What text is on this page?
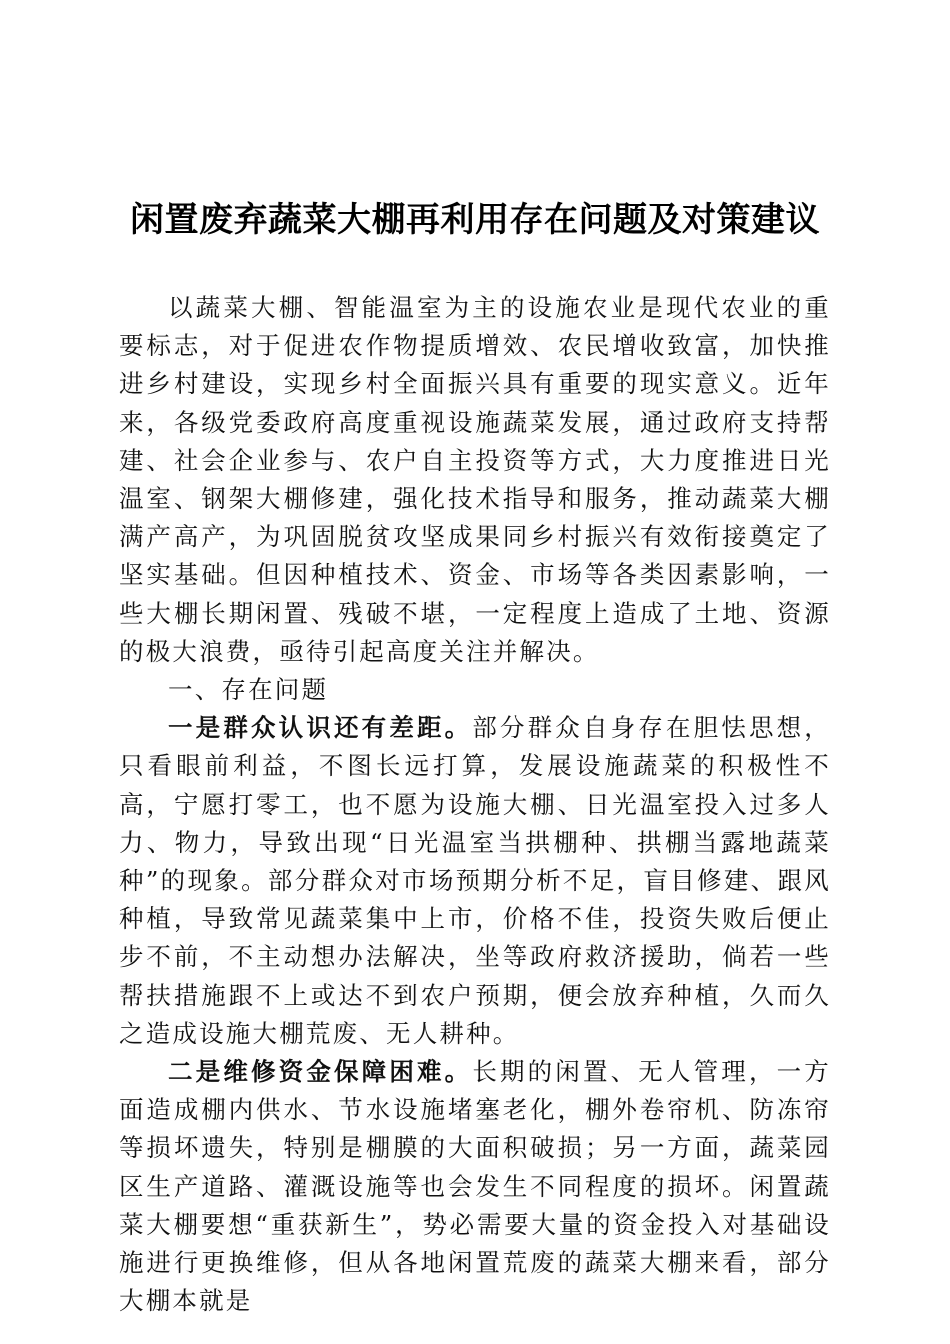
闲置废弃蔬菜大棚再利用存在问题及对策建议

以蔬菜大棚、智能温室为主的设施农业是现代农业的重要标志，对于促进农作物提质增效、农民增收致富，加快推进乡村建设，实现乡村全面振兴具有重要的现实意义。近年来，各级党委政府高度重视设施蔬菜发展，通过政府支持帮建、社会企业参与、农户自主投资等方式，大力度推进日光温室、钢架大棚修建，强化技术指导和服务，推动蔬菜大棚满产高产，为巩固脱贫攻坚成果同乡村振兴有效衔接奠定了坚实基础。但因种植技术、资金、市场等各类因素影响，一些大棚长期闲置、残破不堪，一定程度上造成了土地、资源的极大浪费，亟待引起高度关注并解决。

一、存在问题

一是群众认识还有差距。部分群众自身存在胆怯思想，只看眼前利益，不图长远打算，发展设施蔬菜的积极性不高，宁愿打零工，也不愿为设施大棚、日光温室投入过多人力、物力，导致出现“日光温室当拱棚种、拱棚当露地蔬菜种”的现象。部分群众对市场预期分析不足，盲目修建、跟风种植，导致常见蔬菜集中上市，价格不佳，投资失败后便止步不前，不主动想办法解决，坐等政府救济援助，倘若一些帮扶措施跟不上或达不到农户预期，便会放弃种植，久而久之造成设施大棚荒废、无人耕种。

二是维修资金保障困难。长期的闲置、无人管理，一方面造成棚内供水、节水设施堵塞老化，棚外卷帘机、防冻帘等损坏遗失，特别是棚膜的大面积破损；另一方面，蔬菜园区生产道路、灌溉设施等也会发生不同程度的损坏。闲置蔬菜大棚要想“重获新生”，势必需要大量的资金投入对基础设施进行更换维修，但从各地闲置荒废的蔬菜大棚来看，部分大棚本就是
